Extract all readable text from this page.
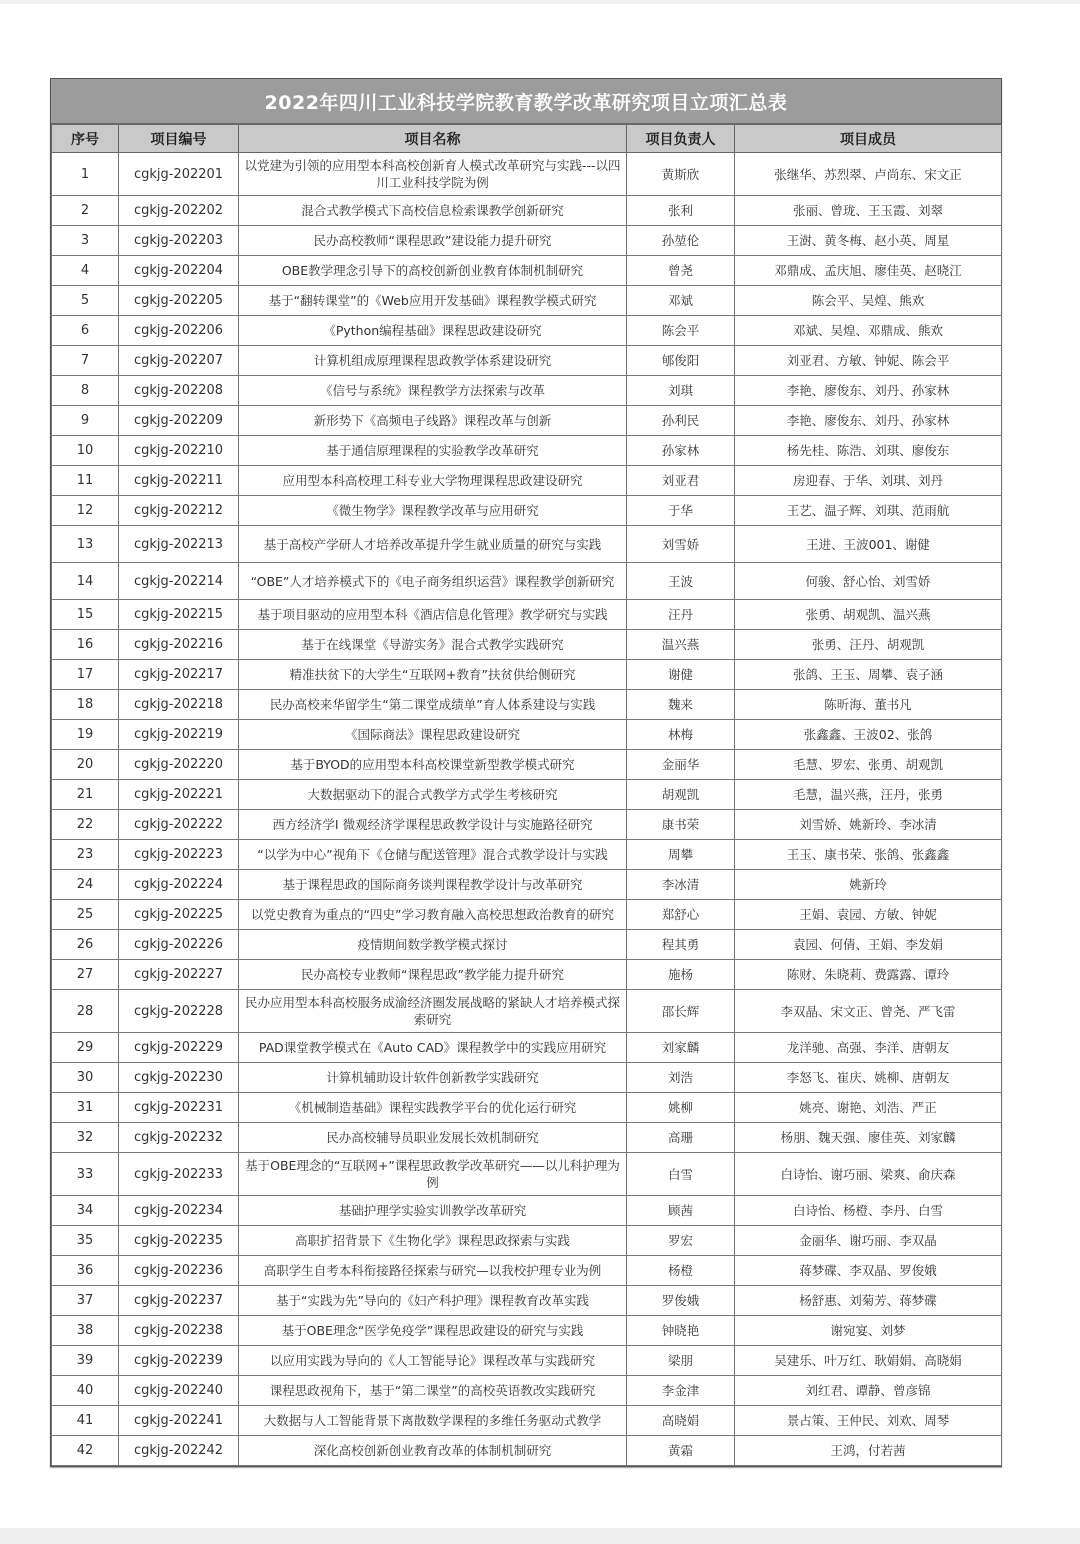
2022年四川工业科技学院教育教学改革研究项目立项汇总表
序号	项目编号	项目名称	项目负责人	项目成员
1	cgkjg-202201	以党建为引领的应用型本科高校创新育人模式改革研究与实践---以四川工业科技学院为例	黄斯欣	张继华、苏烈翠、卢尚东、宋文正
2	cgkjg-202202	混合式教学模式下高校信息检索课教学创新研究	张利	张丽、曾珑、王玉霞、刘翠
3	cgkjg-202203	民办高校教师“课程思政”建设能力提升研究	孙堃伦	王澍、黄冬梅、赵小英、周星
4	cgkjg-202204	OBE教学理念引导下的高校创新创业教育体制机制研究	曾尧	邓鼎成、孟庆旭、廖佳英、赵晓江
5	cgkjg-202205	基于“翻转课堂”的《Web应用开发基础》课程教学模式研究	邓斌	陈会平、吴煌、熊欢
6	cgkjg-202206	《Python编程基础》课程思政建设研究	陈会平	邓斌、吴煌、邓鼎成、熊欢
7	cgkjg-202207	计算机组成原理课程思政教学体系建设研究	郇俊阳	刘亚君、方敏、钟妮、陈会平
8	cgkjg-202208	《信号与系统》课程教学方法探索与改革	刘琪	李艳、廖俊东、刘丹、孙家林
9	cgkjg-202209	新形势下《高频电子线路》课程改革与创新	孙利民	李艳、廖俊东、刘丹、孙家林
10	cgkjg-202210	基于通信原理课程的实验教学改革研究	孙家林	杨先桂、陈浩、刘琪、廖俊东
11	cgkjg-202211	应用型本科高校理工科专业大学物理课程思政建设研究	刘亚君	房迎春、于华、刘琪、刘丹
12	cgkjg-202212	《微生物学》课程教学改革与应用研究	于华	王艺、温子辉、刘琪、范雨航
13	cgkjg-202213	基于高校产学研人才培养改革提升学生就业质量的研究与实践	刘雪娇	王进、王波001、谢健
14	cgkjg-202214	“OBE”人才培养模式下的《电子商务组织运营》课程教学创新研究	王波	何骏、舒心怡、刘雪娇
15	cgkjg-202215	基于项目驱动的应用型本科《酒店信息化管理》教学研究与实践	汪丹	张勇、胡观凯、温兴燕
16	cgkjg-202216	基于在线课堂《导游实务》混合式教学实践研究	温兴燕	张勇、汪丹、胡观凯
17	cgkjg-202217	精准扶贫下的大学生“互联网+教育”扶贫供给侧研究	谢健	张鸽、王玉、周攀、袁子涵
18	cgkjg-202218	民办高校来华留学生“第二课堂成绩单”育人体系建设与实践	魏来	陈昕海、董书凡
19	cgkjg-202219	《国际商法》课程思政建设研究	林梅	张鑫鑫、王波02、张鸽
20	cgkjg-202220	基于BYOD的应用型本科高校课堂新型教学模式研究	金丽华	毛慧、罗宏、张勇、胡观凯
21	cgkjg-202221	大数据驱动下的混合式教学方式学生考核研究	胡观凯	毛慧，温兴燕，汪丹，张勇
22	cgkjg-202222	西方经济学Ⅰ 微观经济学课程思政教学设计与实施路径研究	康书荣	刘雪娇、姚新玲、李冰清
23	cgkjg-202223	“以学为中心”视角下《仓储与配送管理》混合式教学设计与实践	周攀	王玉、康书荣、张鸽、张鑫鑫
24	cgkjg-202224	基于课程思政的国际商务谈判课程教学设计与改革研究	李冰清	姚新玲
25	cgkjg-202225	以党史教育为重点的“四史”学习教育融入高校思想政治教育的研究	郑舒心	王娟、袁园、方敏、钟妮
26	cgkjg-202226	疫情期间数学教学模式探讨	程其勇	袁园、何倩、王娟、李发娟
27	cgkjg-202227	民办高校专业教师“课程思政”教学能力提升研究	施杨	陈财、朱晓莉、费露露、谭玲
28	cgkjg-202228	民办应用型本科高校服务成渝经济圈发展战略的紧缺人才培养模式探索研究	邵长辉	李双晶、宋文正、曾尧、严飞雷
29	cgkjg-202229	PAD课堂教学模式在《Auto CAD》课程教学中的实践应用研究	刘家麟	龙洋驰、高强、李洋、唐朝友
30	cgkjg-202230	计算机辅助设计软件创新教学实践研究	刘浩	李怒飞、崔庆、姚柳、唐朝友
31	cgkjg-202231	《机械制造基础》课程实践教学平台的优化运行研究	姚柳	姚亮、谢艳、刘浩、严正
32	cgkjg-202232	民办高校辅导员职业发展长效机制研究	高珊	杨朋、魏天强、廖佳英、刘家麟
33	cgkjg-202233	基于OBE理念的“互联网+”课程思政教学改革研究——以儿科护理为例	白雪	白诗怡、谢巧丽、梁爽、俞庆森
34	cgkjg-202234	基础护理学实验实训教学改革研究	顾茜	白诗怡、杨橙、李丹、白雪
35	cgkjg-202235	高职扩招背景下《生物化学》课程思政探索与实践	罗宏	金丽华、谢巧丽、李双晶
36	cgkjg-202236	高职学生自考本科衔接路径探索与研究—以我校护理专业为例	杨橙	蒋梦碟、李双晶、罗俊娥
37	cgkjg-202237	基于“实践为先”导向的《妇产科护理》课程教育改革实践	罗俊娥	杨舒惠、刘菊芳、蒋梦碟
38	cgkjg-202238	基于OBE理念“医学免疫学”课程思政建设的研究与实践	钟晓艳	谢宛宴、刘梦
39	cgkjg-202239	以应用实践为导向的《人工智能导论》课程改革与实践研究	梁朋	吴建乐、叶万红、耿娟娟、高晓娟
40	cgkjg-202240	课程思政视角下，基于“第二课堂”的高校英语教改实践研究	李金津	刘红君、谭静、曾彦锦
41	cgkjg-202241	大数据与人工智能背景下离散数学课程的多维任务驱动式教学	高晓娟	景占策、王仲民、刘欢、周琴
42	cgkjg-202242	深化高校创新创业教育改革的体制机制研究	黄霜	王鸿，付若茜
